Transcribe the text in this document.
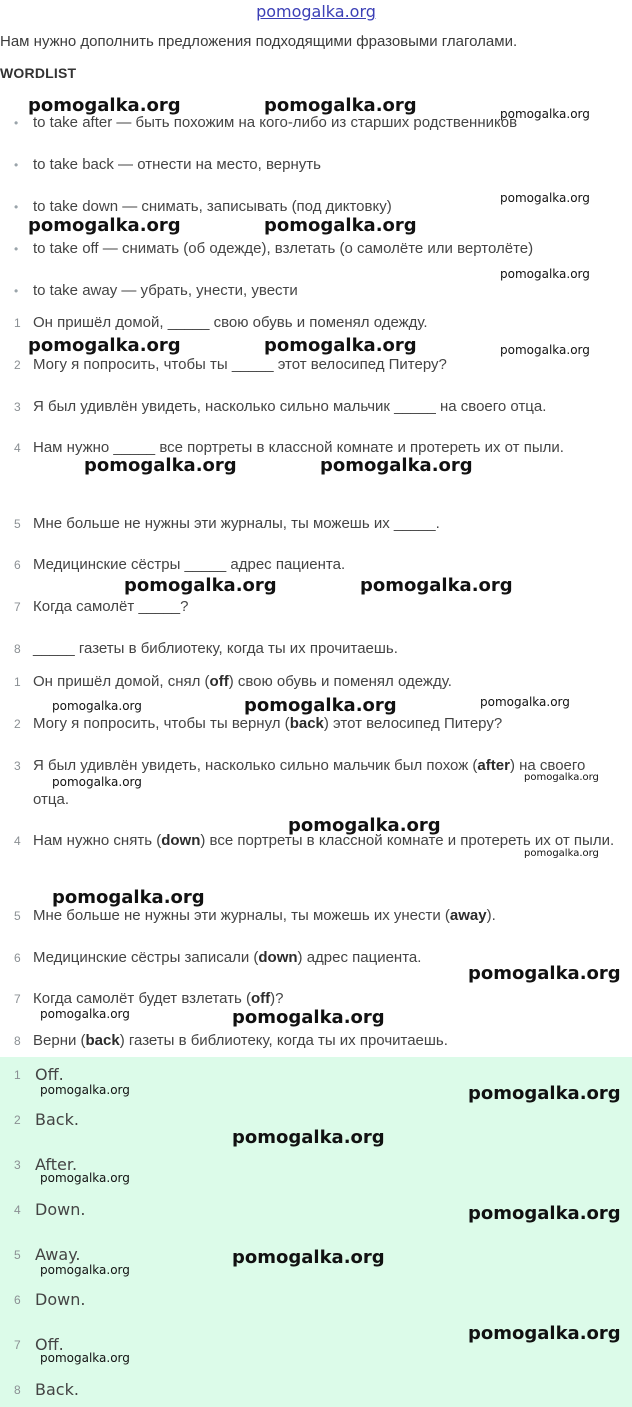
pomogalka.org
Нам нужно дополнить предложения подходящими фразовыми глаголами.
WORDLIST
• to take after — быть похожим на кого-либо из старших родственников
• to take back — отнести на место, вернуть
• to take down — снимать, записывать (под диктовку)
• to take off — снимать (об одежде), взлетать (о самолёте или вертолёте)
• to take away — убрать, унести, увести
1 Он пришёл домой, _____ свою обувь и поменял одежду.
2 Могу я попросить, чтобы ты _____ этот велосипед Питеру?
3 Я был удивлён увидеть, насколько сильно мальчик _____ на своего отца.
4 Нам нужно _____ все портреты в классной комнате и протереть их от пыли.
5 Мне больше не нужны эти журналы, ты можешь их _____.
6 Медицинские сёстры _____ адрес пациента.
7 Когда самолёт _____?
8 _____ газеты в библиотеку, когда ты их прочитаешь.
1 Он пришёл домой, снял (off) свою обувь и поменял одежду.
2 Могу я попросить, чтобы ты вернул (back) этот велосипед Питеру?
3 Я был удивлён увидеть, насколько сильно мальчик был похож (after) на своего отца.
4 Нам нужно снять (down) все портреты в классной комнате и протереть их от пыли.
5 Мне больше не нужны эти журналы, ты можешь их унести (away).
6 Медицинские сёстры записали (down) адрес пациента.
7 Когда самолёт будет взлетать (off)?
8 Верни (back) газеты в библиотеку, когда ты их прочитаешь.
1 Off.
2 Back.
3 After.
4 Down.
5 Away.
6 Down.
7 Off.
8 Back.
pomogalka.org	pomogalka.org	pomogalka.org
pomogalka.org
pomogalka.org	pomogalka.org
pomogalka.org
pomogalka.org	pomogalka.org	pomogalka.org
pomogalka.org	pomogalka.org
pomogalka.org	pomogalka.org
pomogalka.org	pomogalka.org	pomogalka.org
pomogalka.org	pomogalka.org
pomogalka.org
pomogalka.org
pomogalka.org
pomogalka.org
pomogalka.org	pomogalka.org
pomogalka.org	pomogalka.org
pomogalka.org
pomogalka.org
pomogalka.org
pomogalka.org
pomogalka.org
pomogalka.org
pomogalka.org
